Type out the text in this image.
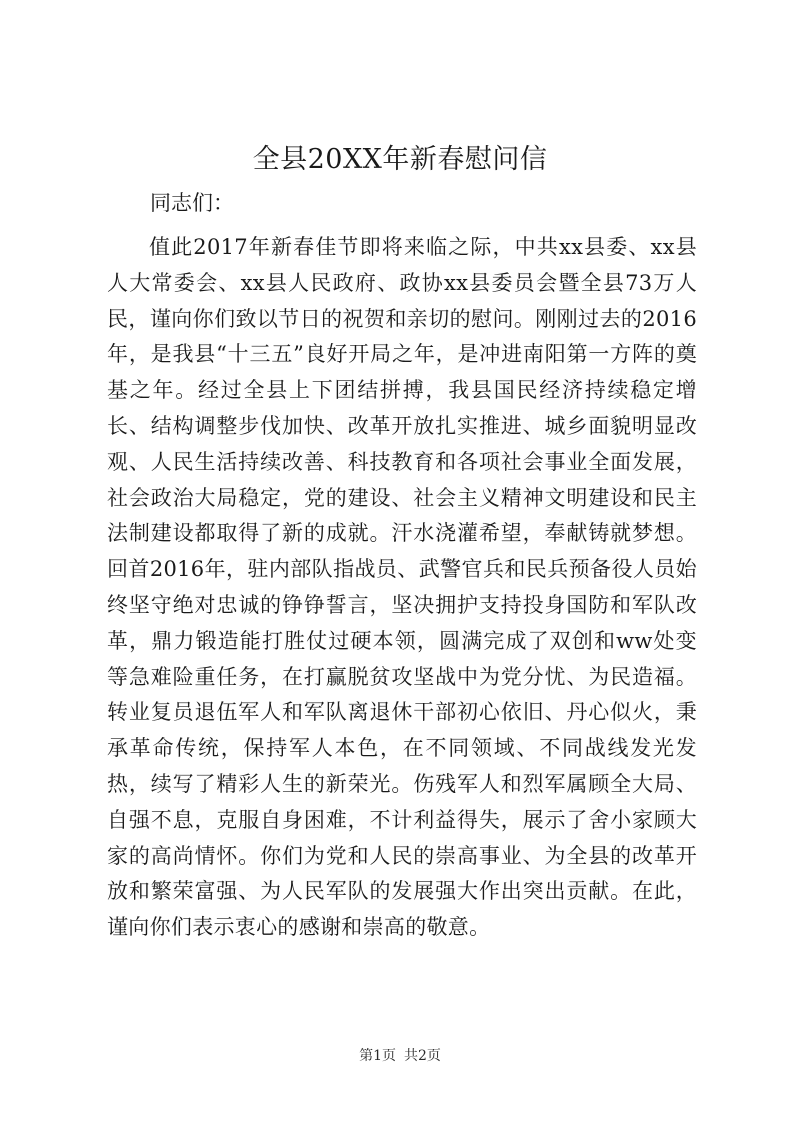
全县20XX年新春慰问信

同志们：

值此2017年新春佳节即将来临之际，中共xx县委、xx县人大常委会、xx县人民政府、政协xx县委员会暨全县73万人民，谨向你们致以节日的祝贺和亲切的慰问。刚刚过去的2016年，是我县“十三五”良好开局之年，是冲进南阳第一方阵的奠基之年。经过全县上下团结拼搏，我县国民经济持续稳定增长、结构调整步伐加快、改革开放扎实推进、城乡面貌明显改观、人民生活持续改善、科技教育和各项社会事业全面发展，社会政治大局稳定，党的建设、社会主义精神文明建设和民主法制建设都取得了新的成就。汗水浇灌希望，奉献铸就梦想。回首2016年，驻内部队指战员、武警官兵和民兵预备役人员始终坚守绝对忠诚的铮铮誓言，坚决拥护支持投身国防和军队改革，鼎力锻造能打胜仗过硬本领，圆满完成了双创和ww处变等急难险重任务，在打赢脱贫攻坚战中为党分忧、为民造福。转业复员退伍军人和军队离退休干部初心依旧、丹心似火，秉承革命传统，保持军人本色，在不同领域、不同战线发光发热，续写了精彩人生的新荣光。伤残军人和烈军属顾全大局、自强不息，克服自身困难，不计利益得失，展示了舍小家顾大家的高尚情怀。你们为党和人民的崇高事业、为全县的改革开放和繁荣富强、为人民军队的发展强大作出突出贡献。在此，谨向你们表示衷心的感谢和崇高的敬意。

第1页 共2页
